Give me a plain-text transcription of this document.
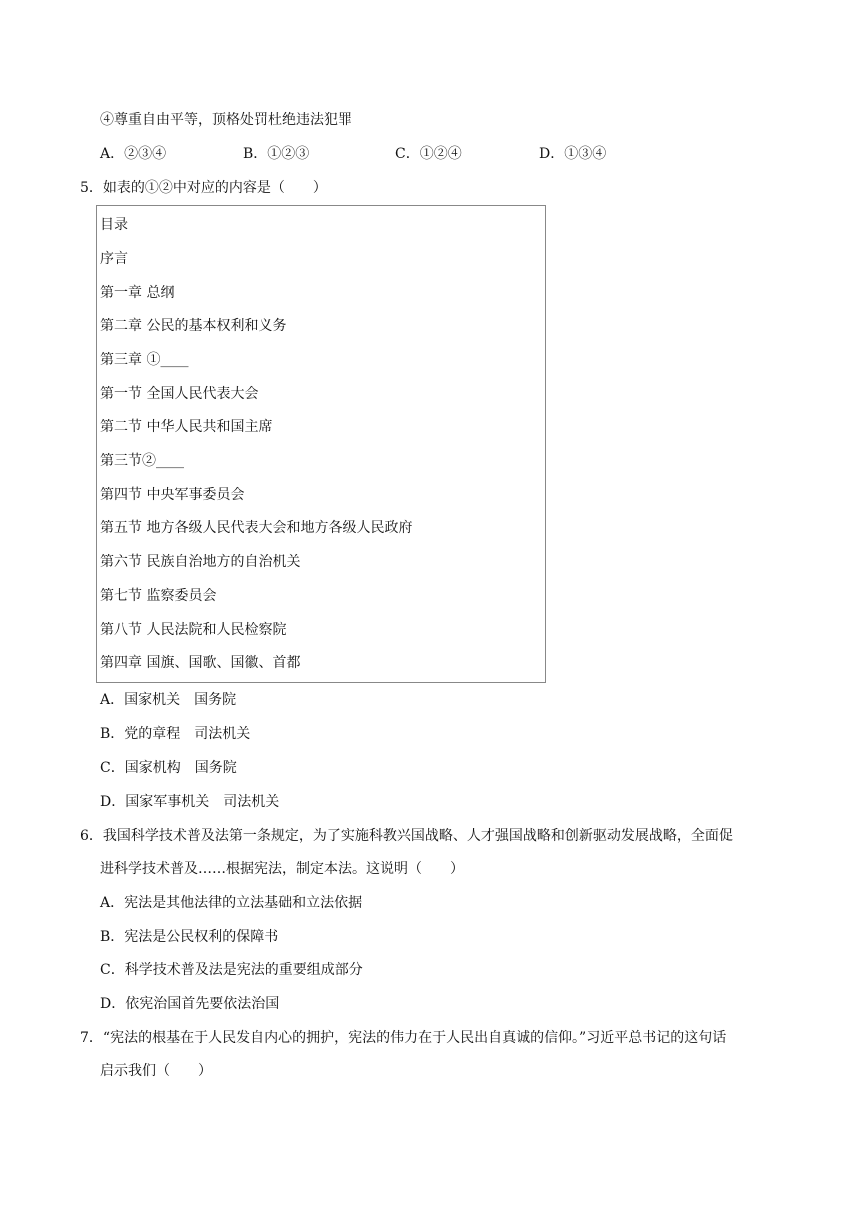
④尊重自由平等，顶格处罚杜绝违法犯罪
A．②③④	B．①②③	C．①②④	D．①③④
5．如表的①②中对应的内容是（　　）
目录
序言
第一章 总纲
第二章 公民的基本权利和义务
第三章 ①____
第一节 全国人民代表大会
第二节 中华人民共和国主席
第三节②____
第四节 中央军事委员会
第五节 地方各级人民代表大会和地方各级人民政府
第六节 民族自治地方的自治机关
第七节 监察委员会
第八节 人民法院和人民检察院
第四章 国旗、国歌、国徽、首都
A．国家机关　国务院
B．党的章程　司法机关
C．国家机构　国务院
D．国家军事机关　司法机关
6．我国科学技术普及法第一条规定，为了实施科教兴国战略、人才强国战略和创新驱动发展战略，全面促
进科学技术普及……根据宪法，制定本法。这说明（　　）
A．宪法是其他法律的立法基础和立法依据
B．宪法是公民权利的保障书
C．科学技术普及法是宪法的重要组成部分
D．依宪治国首先要依法治国
7．“宪法的根基在于人民发自内心的拥护，宪法的伟力在于人民出自真诚的信仰。”习近平总书记的这句话
启示我们（　　）
